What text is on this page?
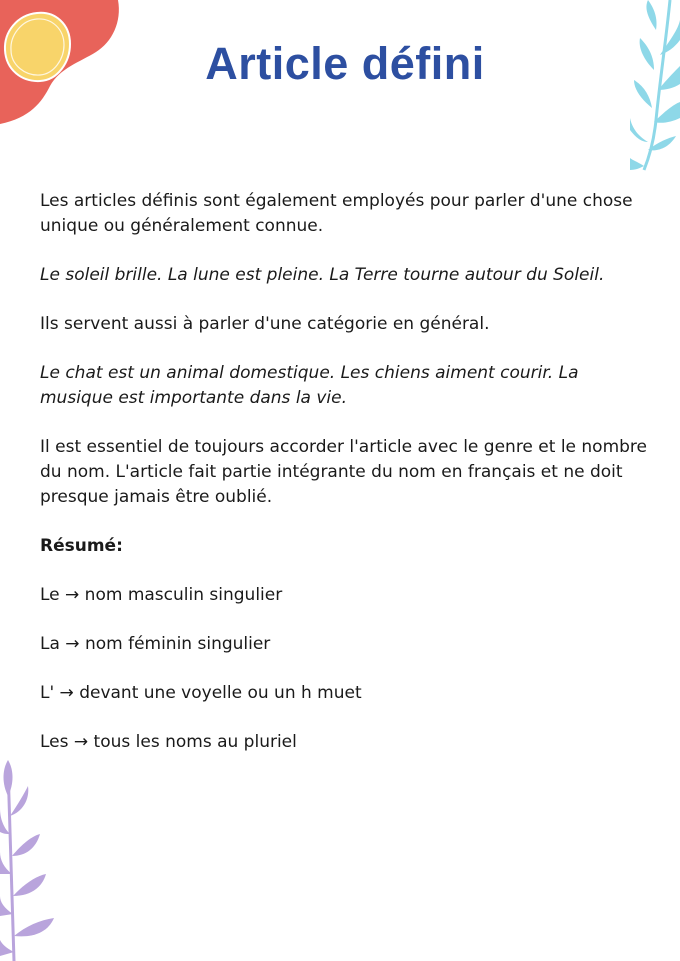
Article défini

Les articles définis sont également employés pour parler d'une chose unique ou généralement connue.

Le soleil brille. La lune est pleine. La Terre tourne autour du Soleil.

Ils servent aussi à parler d'une catégorie en général.

Le chat est un animal domestique. Les chiens aiment courir. La musique est importante dans la vie.

Il est essentiel de toujours accorder l'article avec le genre et le nombre du nom. L'article fait partie intégrante du nom en français et ne doit presque jamais être oublié.

Résumé:

Le → nom masculin singulier

La → nom féminin singulier

L' → devant une voyelle ou un h muet

Les → tous les noms au pluriel
